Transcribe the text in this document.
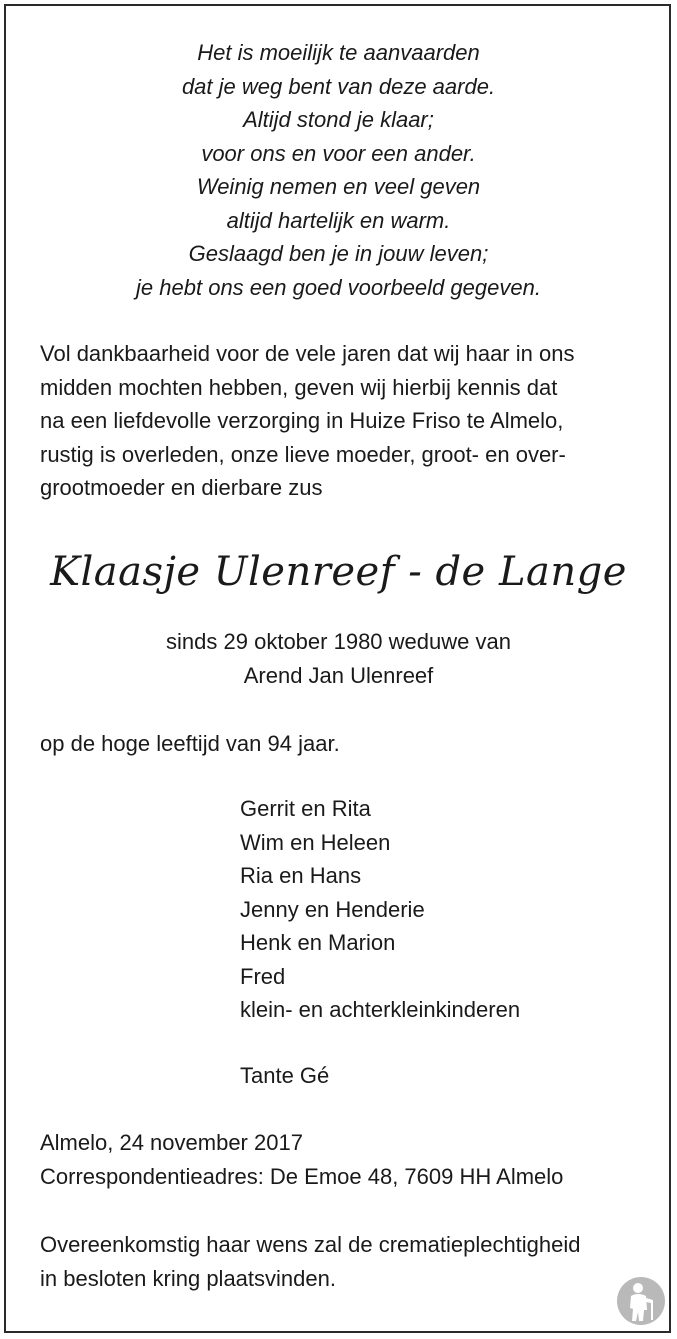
Het is moeilijk te aanvaarden
dat je weg bent van deze aarde.
Altijd stond je klaar;
voor ons en voor een ander.
Weinig nemen en veel geven
altijd hartelijk en warm.
Geslaagd ben je in jouw leven;
je hebt ons een goed voorbeeld gegeven.
Vol dankbaarheid voor de vele jaren dat wij haar in ons
midden mochten hebben, geven wij hierbij kennis dat
na een liefdevolle verzorging in Huize Friso te Almelo,
rustig is overleden, onze lieve moeder, groot- en over-
grootmoeder en dierbare zus
Klaasje Ulenreef - de Lange
sinds 29 oktober 1980 weduwe van
Arend Jan Ulenreef
op de hoge leeftijd van 94 jaar.
Gerrit en Rita
Wim en Heleen
Ria en Hans
Jenny en Henderie
Henk en Marion
Fred
klein- en achterkleinkinderen
Tante Gé
Almelo, 24 november 2017
Correspondentieadres: De Emoe 48, 7609 HH Almelo
Overeenkomstig haar wens zal de crematieplechtigheid
in besloten kring plaatsvinden.
